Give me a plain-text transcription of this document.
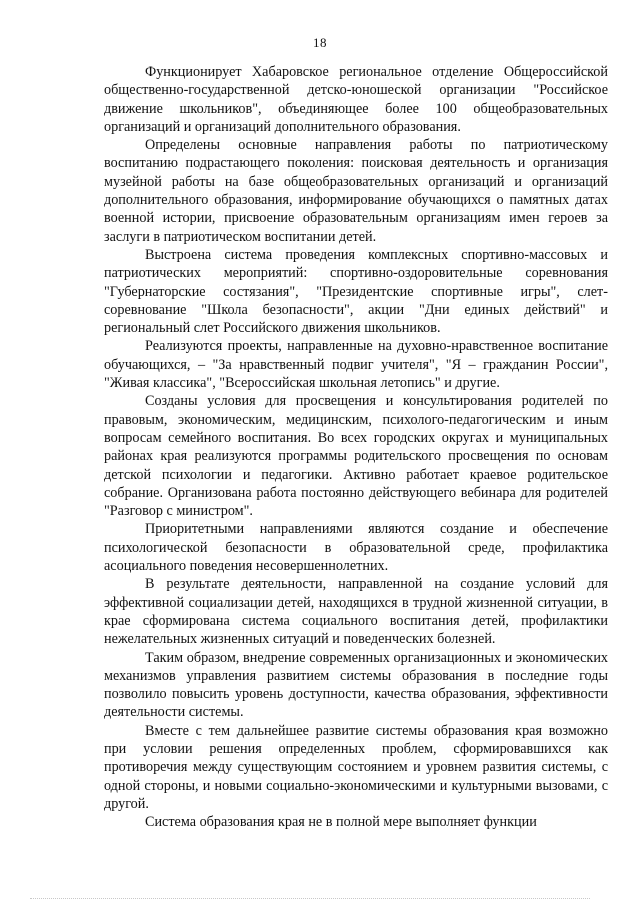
18

Функционирует Хабаровское региональное отделение Общероссийской общественно-государственной детско-юношеской организации "Российское движение школьников", объединяющее более 100 общеобразовательных организаций и организаций дополнительного образования.

Определены основные направления работы по патриотическому воспитанию подрастающего поколения: поисковая деятельность и организация музейной работы на базе общеобразовательных организаций и организаций дополнительного образования, информирование обучающихся о памятных датах военной истории, присвоение образовательным организациям имен героев за заслуги в патриотическом воспитании детей.

Выстроена система проведения комплексных спортивно-массовых и патриотических мероприятий: спортивно-оздоровительные соревнования "Губернаторские состязания", "Президентские спортивные игры", слет-соревнование "Школа безопасности", акции "Дни единых действий" и региональный слет Российского движения школьников.

Реализуются проекты, направленные на духовно-нравственное воспитание обучающихся, – "За нравственный подвиг учителя", "Я – гражданин России", "Живая классика", "Всероссийская школьная летопись" и другие.

Созданы условия для просвещения и консультирования родителей по правовым, экономическим, медицинским, психолого-педагогическим и иным вопросам семейного воспитания. Во всех городских округах и муниципальных районах края реализуются программы родительского просвещения по основам детской психологии и педагогики. Активно работает краевое родительское собрание. Организована работа постоянно действующего вебинара для родителей "Разговор с министром".

Приоритетными направлениями являются создание и обеспечение психологической безопасности в образовательной среде, профилактика асоциального поведения несовершеннолетних.

В результате деятельности, направленной на создание условий для эффективной социализации детей, находящихся в трудной жизненной ситуации, в крае сформирована система социального воспитания детей, профилактики нежелательных жизненных ситуаций и поведенческих болезней.

Таким образом, внедрение современных организационных и экономических механизмов управления развитием системы образования в последние годы позволило повысить уровень доступности, качества образования, эффективности деятельности системы.

Вместе с тем дальнейшее развитие системы образования края возможно при условии решения определенных проблем, сформировавшихся как противоречия между существующим состоянием и уровнем развития системы, с одной стороны, и новыми социально-экономическими и культурными вызовами, с другой.

Система образования края не в полной мере выполняет функции
